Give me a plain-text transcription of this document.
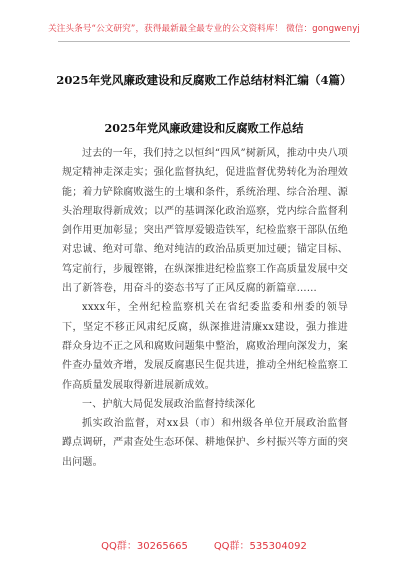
关注头条号“公文研究”，获得最新最全最专业的公文资料库！ 微信：gongwenyj
2025年党风廉政建设和反腐败工作总结材料汇编（4篇）
2025年党风廉政建设和反腐败工作总结

过去的一年，我们持之以恒纠“四风”树新风，推动中央八项规定精神走深走实；强化监督执纪，促进监督优势转化为治理效能；着力铲除腐败滋生的土壤和条件，系统治理、综合治理、源头治理取得新成效；以严的基调深化政治巡察，党内综合监督利剑作用更加彰显；突出严管厚爱锻造铁军，纪检监察干部队伍绝对忠诚、绝对可靠、绝对纯洁的政治品质更加过硬；锚定目标、笃定前行，步履铿锵，在纵深推进纪检监察工作高质量发展中交出了新答卷，用奋斗的姿态书写了正风反腐的新篇章……

xxxx年，全州纪检监察机关在省纪委监委和州委的领导下，坚定不移正风肃纪反腐，纵深推进清廉xx建设，强力推进群众身边不正之风和腐败问题集中整治，腐败治理向深发力，案件查办量效齐增，发展反腐惠民生促共进，推动全州纪检监察工作高质量发展取得新进展新成效。

一、护航大局促发展政治监督持续深化

抓实政治监督，对xx县（市）和州级各单位开展政治监督蹲点调研，严肃查处生态环保、耕地保护、乡村振兴等方面的突出问题。

QQ群：30265665	QQ群：535304092
